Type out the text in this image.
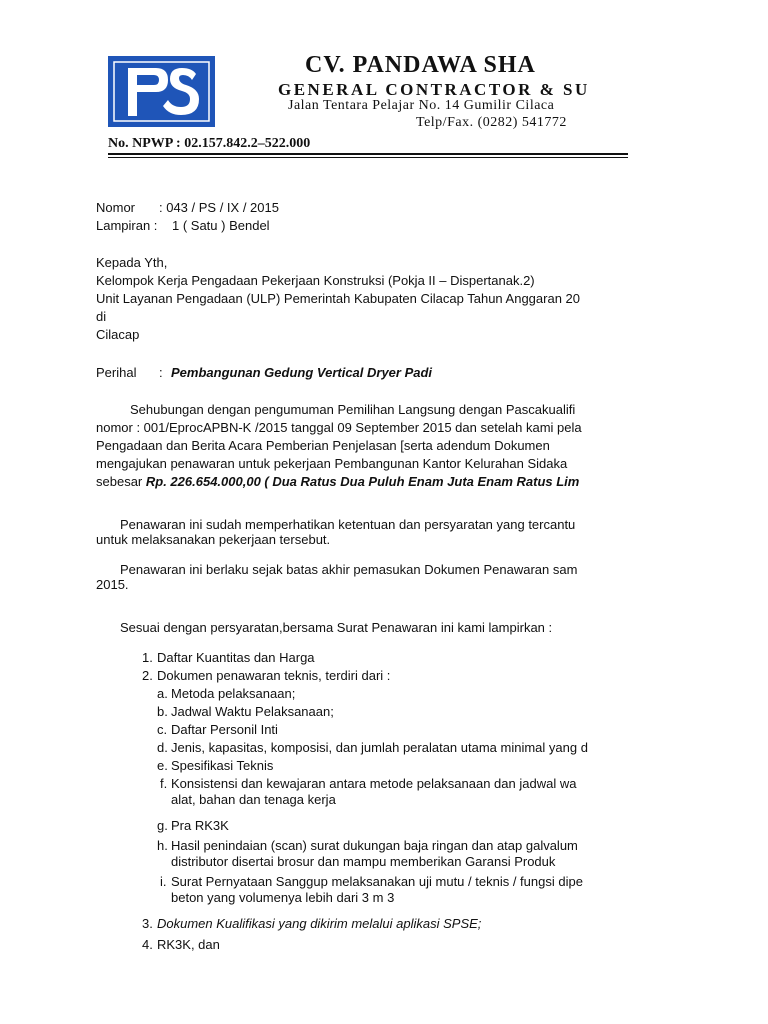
CV. PANDAWA SHA
GENERAL CONTRACTOR & SU
Jalan Tentara Pelajar No. 14 Gumilir Cilaca
Telp/Fax. (0282) 541772
No. NPWP : 02.157.842.2–522.000
Nomor : 043 / PS / IX / 2015
Lampiran : 1 ( Satu ) Bendel
Kepada Yth,
Kelompok Kerja Pengadaan Pekerjaan Konstruksi (Pokja II – Dispertanak.2)
Unit Layanan Pengadaan (ULP) Pemerintah Kabupaten Cilacap Tahun Anggaran 20
di
Cilacap
Perihal : Pembangunan Gedung Vertical Dryer Padi
Sehubungan dengan pengumuman Pemilihan Langsung dengan Pascakualifi
nomor : 001/EprocAPBN-K /2015 tanggal 09 September 2015 dan setelah kami pela
Pengadaan dan Berita Acara Pemberian Penjelasan [serta adendum Dokumen
mengajukan penawaran untuk pekerjaan Pembangunan Kantor Kelurahan Sidaka
sebesar Rp. 226.654.000,00 ( Dua Ratus Dua Puluh Enam Juta Enam Ratus Lim
Penawaran ini sudah memperhatikan ketentuan dan persyaratan yang tercantu
untuk melaksanakan pekerjaan tersebut.
Penawaran ini berlaku sejak batas akhir pemasukan Dokumen Penawaran sam
2015.
Sesuai dengan persyaratan,bersama Surat Penawaran ini kami lampirkan :
1. Daftar Kuantitas dan Harga
2. Dokumen penawaran teknis, terdiri dari :
a. Metoda pelaksanaan;
b. Jadwal Waktu Pelaksanaan;
c. Daftar Personil Inti
d. Jenis, kapasitas, komposisi, dan jumlah peralatan utama minimal yang d
e. Spesifikasi Teknis
f. Konsistensi dan kewajaran antara metode pelaksanaan dan jadwal wa
alat, bahan dan tenaga kerja
g. Pra RK3K
h. Hasil penindaian (scan) surat dukungan baja ringan dan atap galvalum
distributor disertai brosur dan mampu memberikan Garansi Produk
i. Surat Pernyataan Sanggup melaksanakan uji mutu / teknis / fungsi dipe
beton yang volumenya lebih dari 3 m 3
3. Dokumen Kualifikasi yang dikirim melalui aplikasi SPSE;
4. RK3K, dan
